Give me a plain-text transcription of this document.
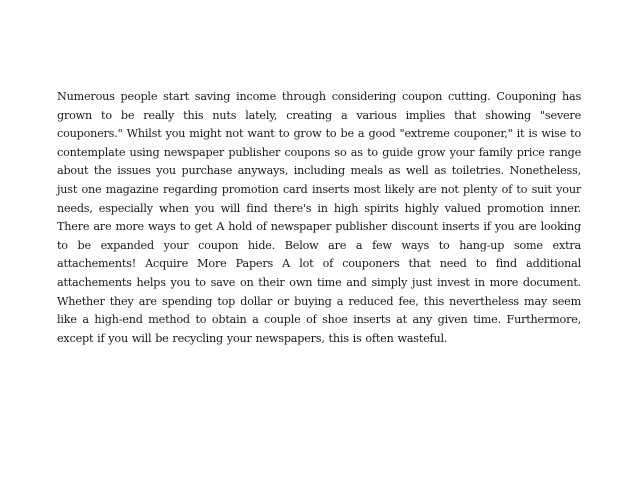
Numerous people start saving income through considering coupon cutting. Couponing has grown to be really this nuts lately, creating a various implies that showing "severe couponers." Whilst you might not want to grow to be a good "extreme couponer," it is wise to contemplate using newspaper publisher coupons so as to guide grow your family price range about the issues you purchase anyways, including meals as well as toiletries. Nonetheless, just one magazine regarding promotion card inserts most likely are not plenty of to suit your needs, especially when you will find there's in high spirits highly valued promotion inner. There are more ways to get A hold of newspaper publisher discount inserts if you are looking to be expanded your coupon hide. Below are a few ways to hang-up some extra attachements! Acquire More Papers A lot of couponers that need to find additional attachements helps you to save on their own time and simply just invest in more document. Whether they are spending top dollar or buying a reduced fee, this nevertheless may seem like a high-end method to obtain a couple of shoe inserts at any given time. Furthermore, except if you will be recycling your newspapers, this is often wasteful.
